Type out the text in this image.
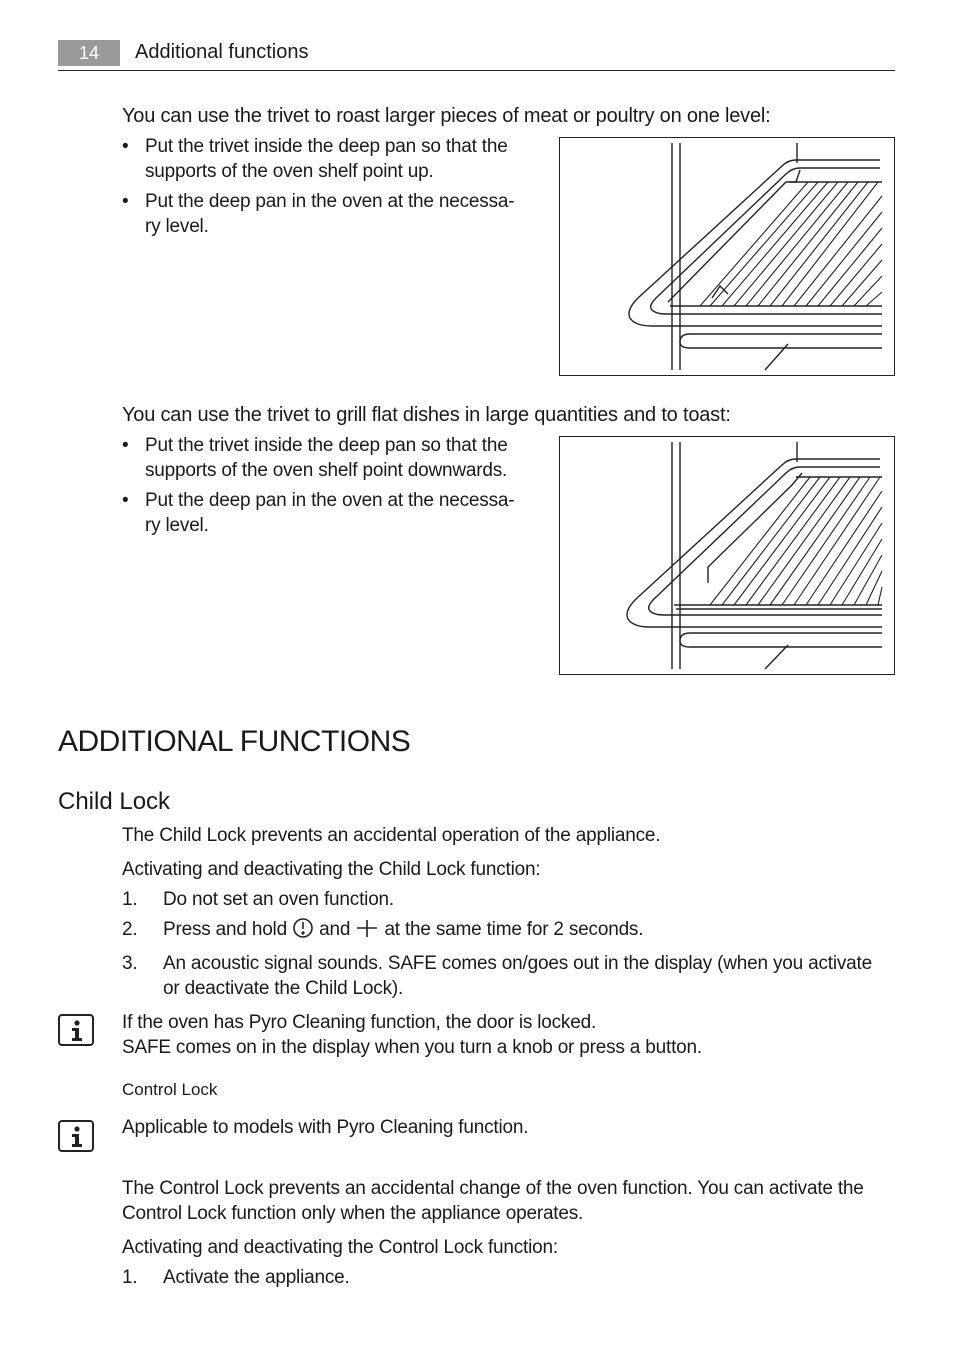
14	Additional functions
You can use the trivet to roast larger pieces of meat or poultry on one level:
• Put the trivet inside the deep pan so that the supports of the oven shelf point up.
• Put the deep pan in the oven at the necessa-ry level.
You can use the trivet to grill flat dishes in large quantities and to toast:
• Put the trivet inside the deep pan so that the supports of the oven shelf point downwards.
• Put the deep pan in the oven at the necessa-ry level.
ADDITIONAL FUNCTIONS
Child Lock
The Child Lock prevents an accidental operation of the appliance.
Activating and deactivating the Child Lock function:
1. Do not set an oven function.
2. Press and hold and at the same time for 2 seconds.
3. An acoustic signal sounds. SAFE comes on/goes out in the display (when you activate or deactivate the Child Lock).
If the oven has Pyro Cleaning function, the door is locked.
SAFE comes on in the display when you turn a knob or press a button.
Control Lock
Applicable to models with Pyro Cleaning function.
The Control Lock prevents an accidental change of the oven function. You can activate the Control Lock function only when the appliance operates.
Activating and deactivating the Control Lock function:
1. Activate the appliance.
